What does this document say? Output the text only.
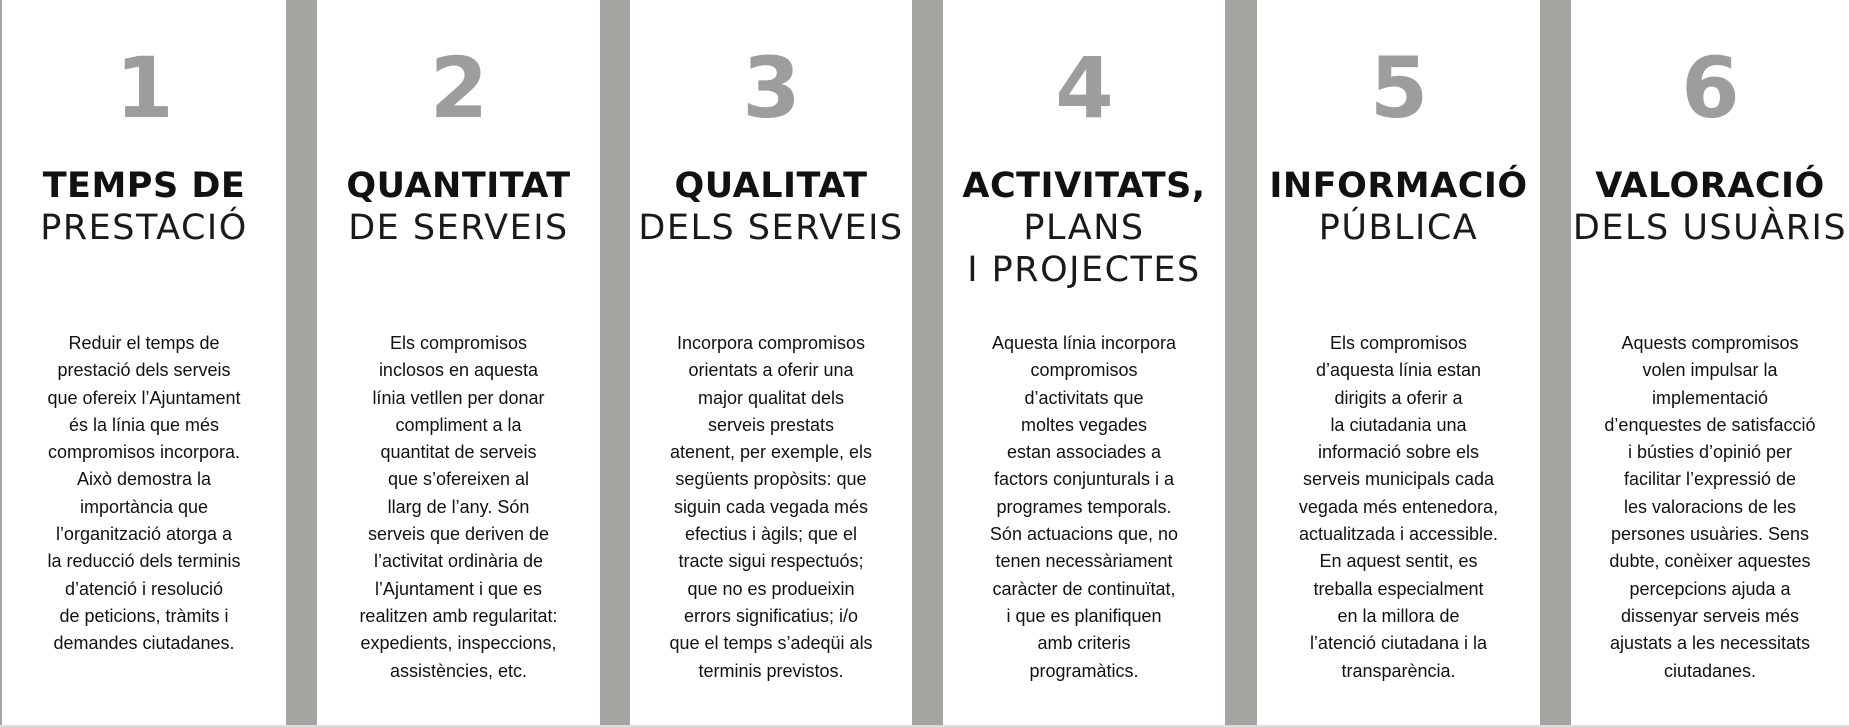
1
TEMPS DE
PRESTACIÓ
Reduir el temps de
prestació dels serveis
que ofereix l’Ajuntament
és la línia que més
compromisos incorpora.
Això demostra la
importància que
l’organització atorga a
la reducció dels terminis
d’atenció i resolució
de peticions, tràmits i
demandes ciutadanes.
2
QUANTITAT
DE SERVEIS
Els compromisos
inclosos en aquesta
línia vetllen per donar
compliment a la
quantitat de serveis
que s’ofereixen al
llarg de l’any. Són
serveis que deriven de
l’activitat ordinària de
l’Ajuntament i que es
realitzen amb regularitat:
expedients, inspeccions,
assistències, etc.
3
QUALITAT
DELS SERVEIS
Incorpora compromisos
orientats a oferir una
major qualitat dels
serveis prestats
atenent, per exemple, els
següents propòsits: que
siguin cada vegada més
efectius i àgils; que el
tracte sigui respectuós;
que no es produeixin
errors significatius; i/o
que el temps s’adeqüi als
terminis previstos.
4
ACTIVITATS,
PLANS
I PROJECTES
Aquesta línia incorpora
compromisos
d’activitats que
moltes vegades
estan associades a
factors conjunturals i a
programes temporals.
Són actuacions que, no
tenen necessàriament
caràcter de continuïtat,
i que es planifiquen
amb criteris
programàtics.
5
INFORMACIÓ
PÚBLICA
Els compromisos
d’aquesta línia estan
dirigits a oferir a
la ciutadania una
informació sobre els
serveis municipals cada
vegada més entenedora,
actualitzada i accessible.
En aquest sentit, es
treballa especialment
en la millora de
l’atenció ciutadana i la
transparència.
6
VALORACIÓ
DELS USUÀRIS
Aquests compromisos
volen impulsar la
implementació
d’enquestes de satisfacció
i bústies d’opinió per
facilitar l’expressió de
les valoracions de les
persones usuàries. Sens
dubte, conèixer aquestes
percepcions ajuda a
dissenyar serveis més
ajustats a les necessitats
ciutadanes.
